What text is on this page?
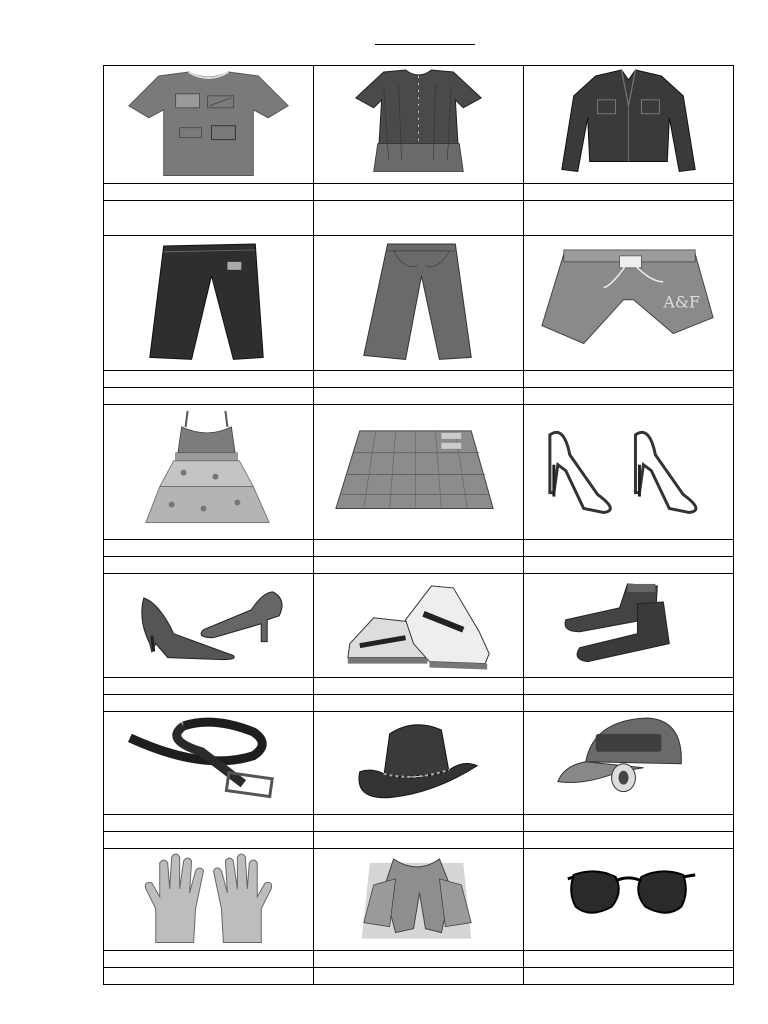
A&F
